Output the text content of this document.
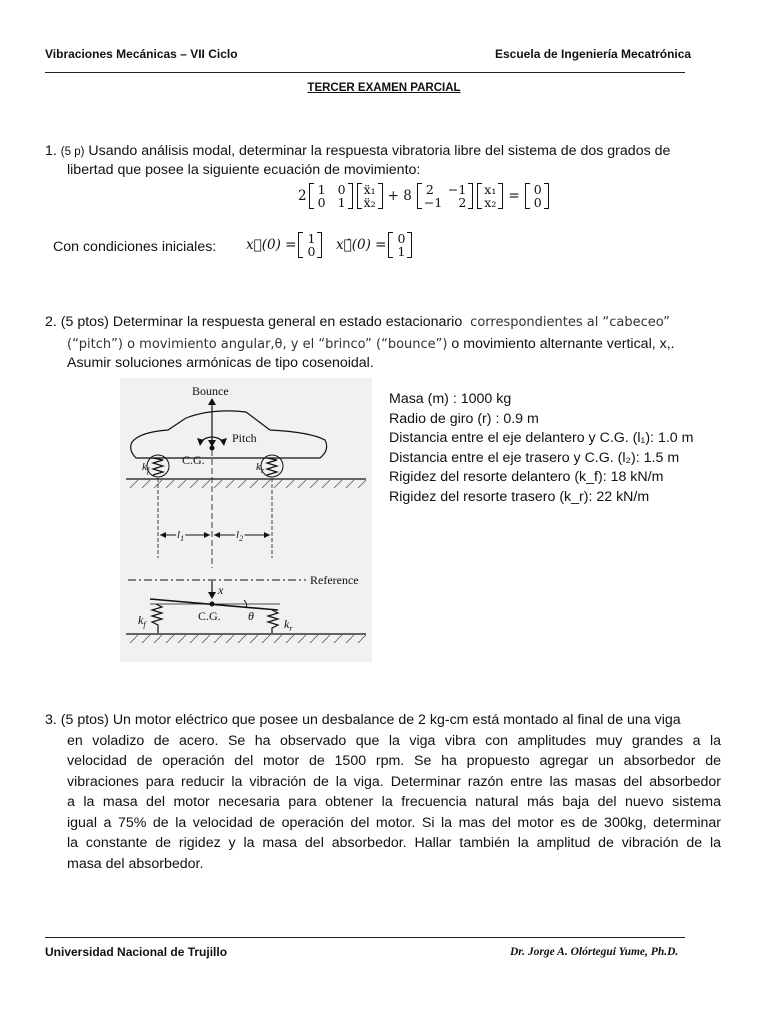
Vibraciones Mecánicas – VII Ciclo	Escuela de Ingeniería Mecatrónica
TERCER EXAMEN PARCIAL
1. (5 p) Usando análisis modal, determinar la respuesta vibratoria libre del sistema de dos grados de
libertad que posee la siguiente ecuación de movimiento:
2 1 0
0 1
ẍ₁
ẍ₂ + 8 2 −1
−1 2
x₁
x₂ = 0
0
Con condiciones iniciales: x⃗(0) = 1
0 x⃗̇(0) = 0
1
2. (5 ptos) Determinar la respuesta general en estado estacionario correspondientes al “cabeceo”
(“pitch”) o movimiento angular,θ, y el “brinco” (“bounce”) o movimiento alternante vertical, x,.
Asumir soluciones armónicas de tipo cosenoidal.
Bounce
Pitch
C.G.
$k_f$	$k_r$
$l_1$	$l_2$
Reference
x
C.G. θ
$k_f$	$k_r$
Masa (m) : 1000 kg
Radio de giro (r) : 0.9 m
Distancia entre el eje delantero y C.G. (l₁): 1.0 m
Distancia entre el eje trasero y C.G. (l₂): 1.5 m
Rigidez del resorte delantero (k_f): 18 kN/m
Rigidez del resorte trasero (k_r): 22 kN/m
3. (5 ptos) Un motor eléctrico que posee un desbalance de 2 kg-cm está montado al final de una viga
en voladizo de acero. Se ha observado que la viga vibra con amplitudes muy grandes a la
velocidad de operación del motor de 1500 rpm. Se ha propuesto agregar un absorbedor de
vibraciones para reducir la vibración de la viga. Determinar razón entre las masas del absorbedor
a la masa del motor necesaria para obtener la frecuencia natural más baja del nuevo sistema
igual a 75% de la velocidad de operación del motor. Si la mas del motor es de 300kg, determinar
la constante de rigidez y la masa del absorbedor. Hallar también la amplitud de vibración de la
masa del absorbedor.
Universidad Nacional de Trujillo	Dr. Jorge A. Olórtegui Yume, Ph.D.
